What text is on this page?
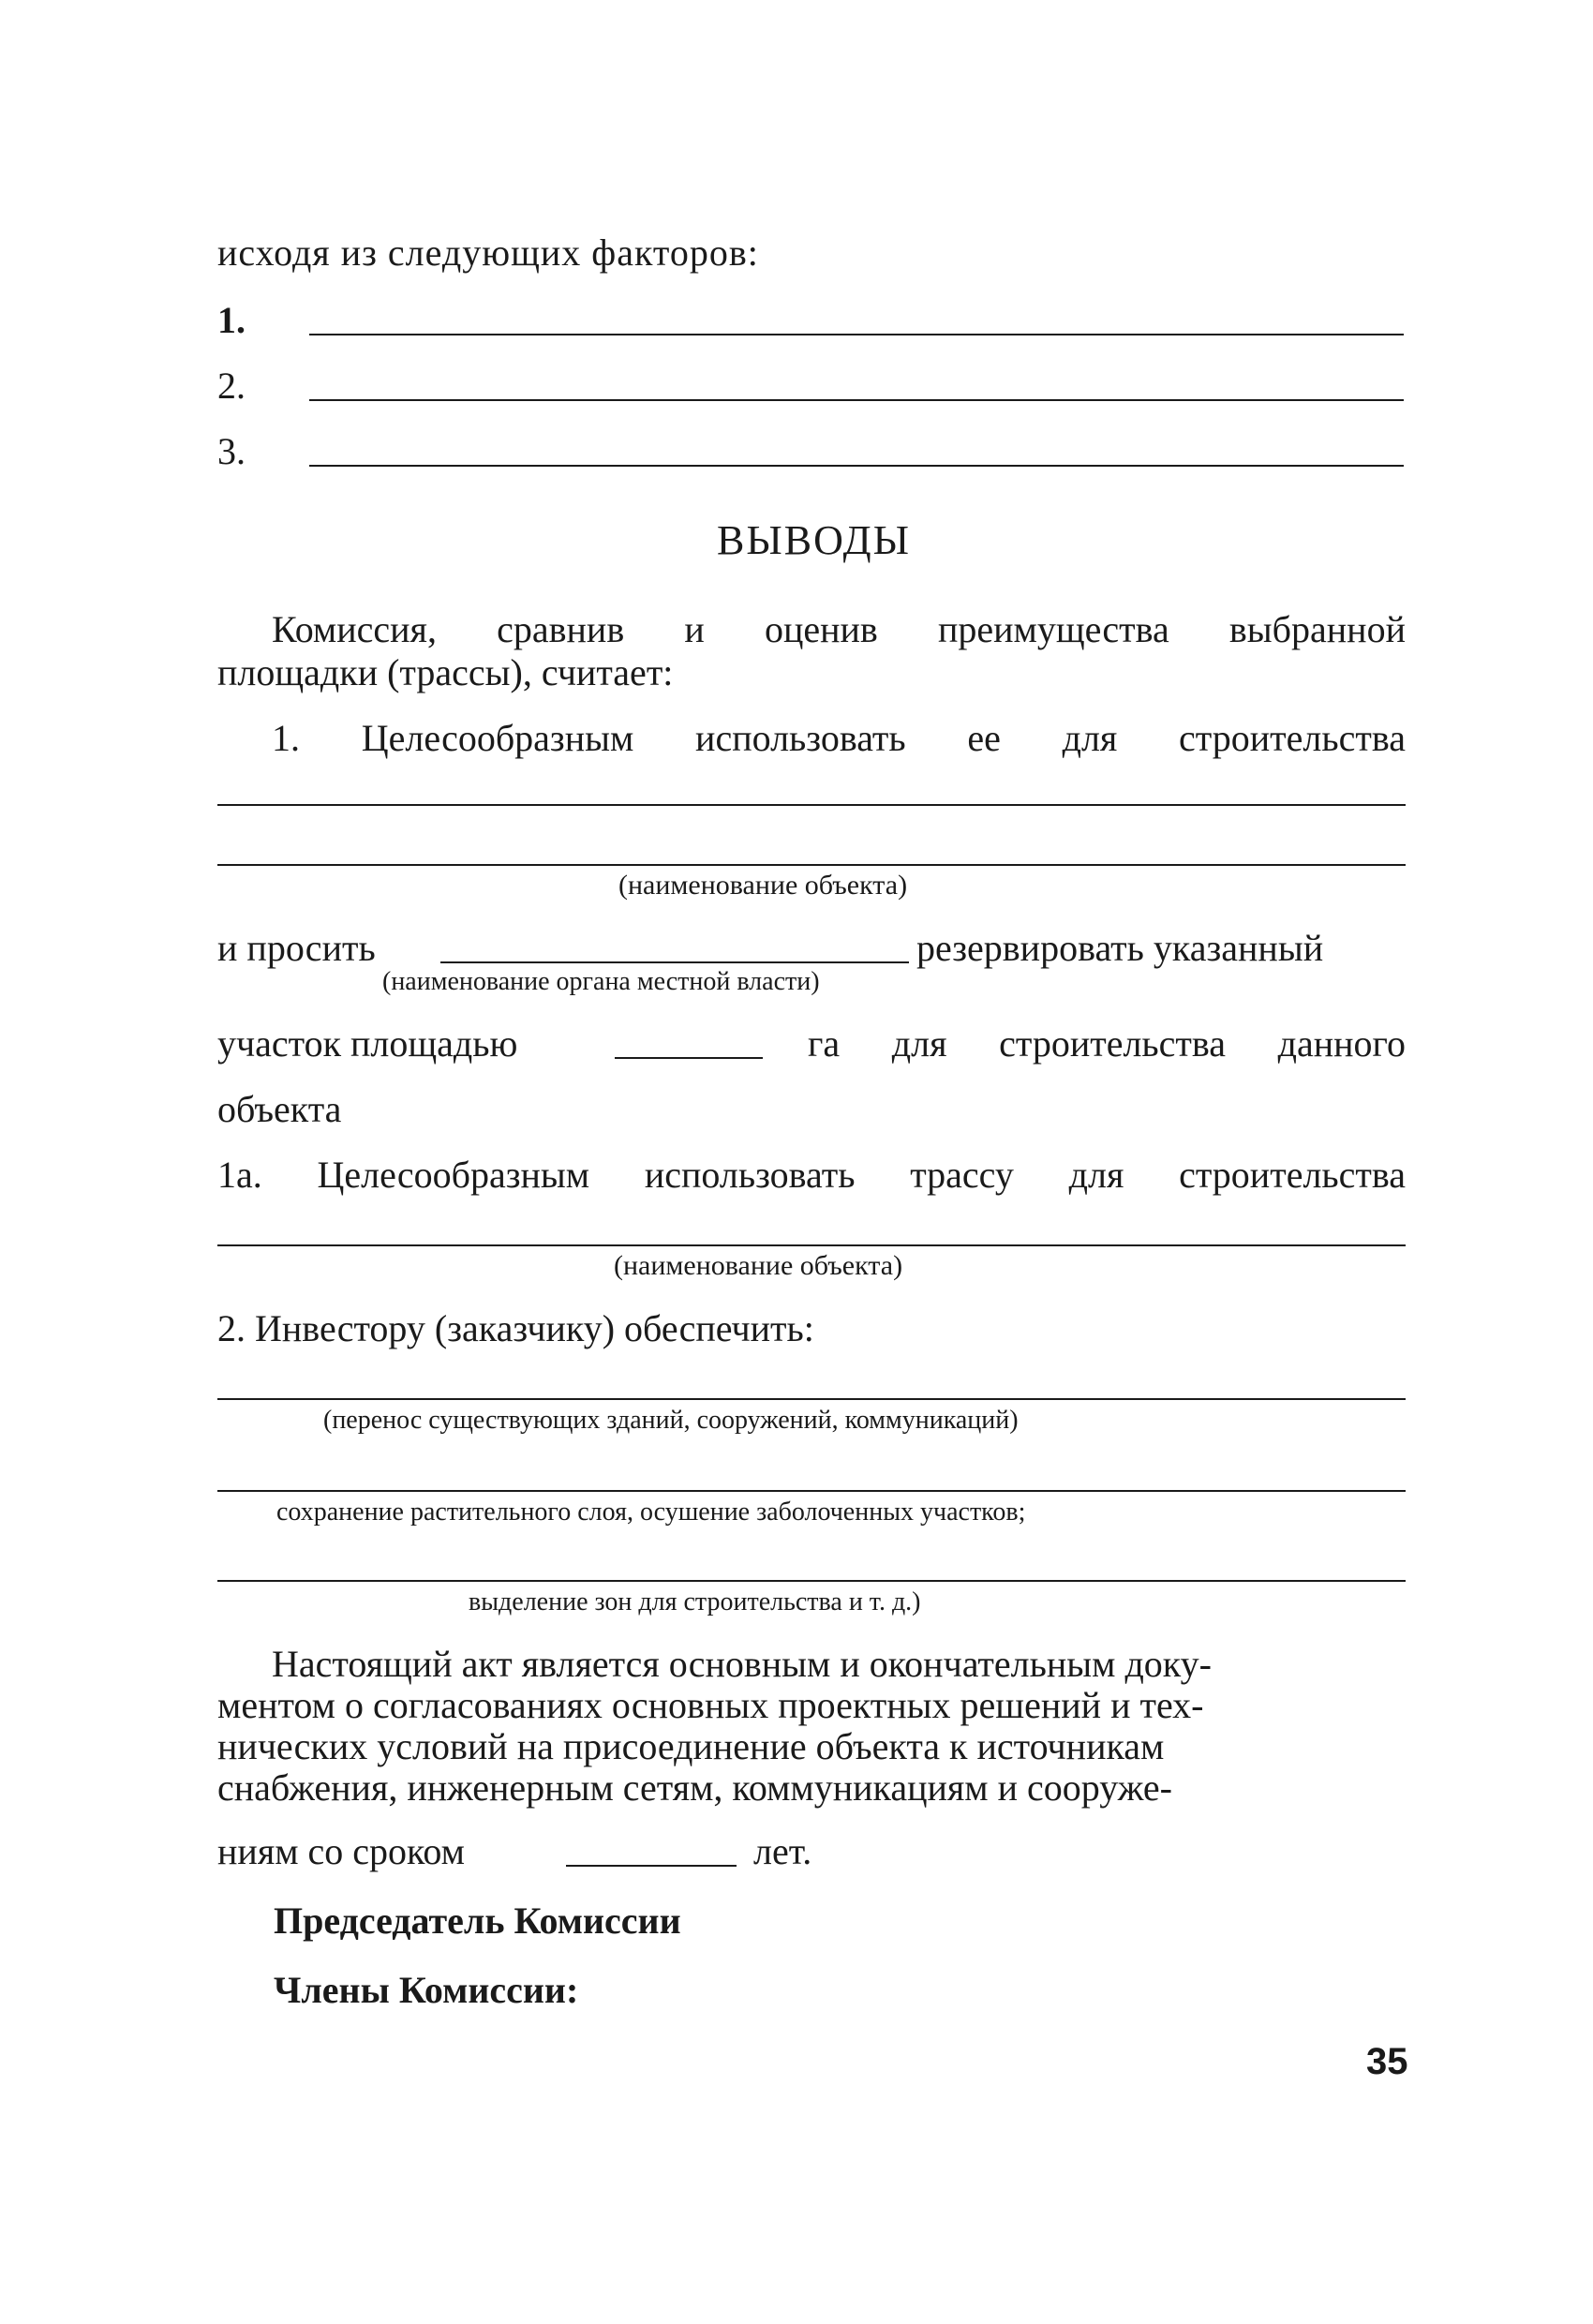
исходя из следующих факторов:
1.
2.
3.
ВЫВОДЫ
Комиссия, сравнив и оценив преимущества выбранной
площадки (трассы), считает:
1. Целесообразным использовать ее для строительства
(наименование объекта)
и просить	резервировать указанный
(наименование органа местной власти)
участок площадью	га для строительства данного
объекта
1а. Целесообразным использовать трассу для строительства
(наименование объекта)
2. Инвестору (заказчику) обеспечить:
(перенос существующих зданий, сооружений, коммуникаций)
сохранение растительного слоя, осушение заболоченных участков;
выделение зон для строительства и т. д.)
Настоящий акт является основным и окончательным доку-
ментом о согласованиях основных проектных решений и тех-
нических условий на присоединение объекта к источникам
снабжения, инженерным сетям, коммуникациям и сооруже-
ниям со сроком	лет.
Председатель Комиссии
Члены Комиссии:
35
